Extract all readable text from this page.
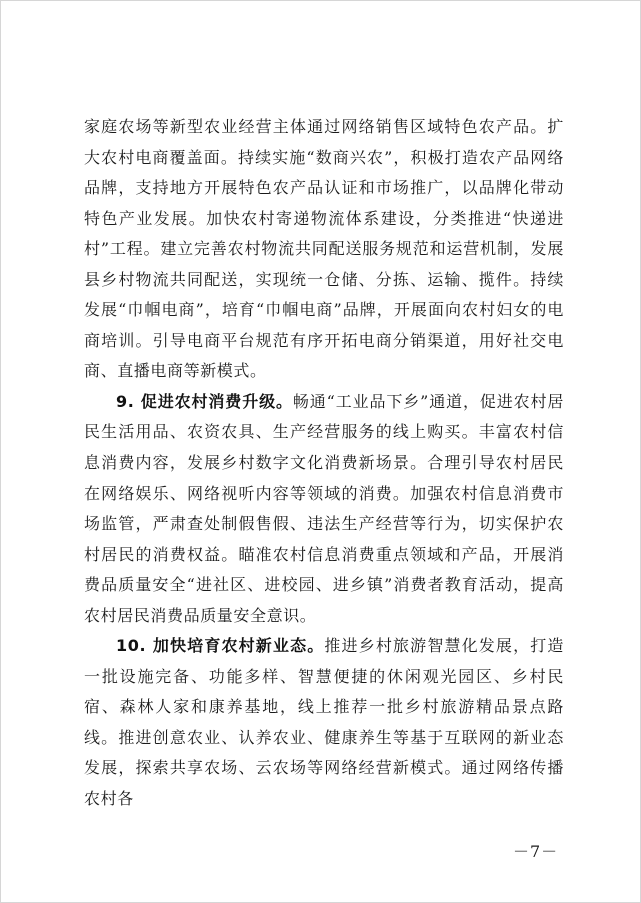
家庭农场等新型农业经营主体通过网络销售区域特色农产品。扩大农村电商覆盖面。持续实施“数商兴农”，积极打造农产品网络品牌，支持地方开展特色农产品认证和市场推广，以品牌化带动特色产业发展。加快农村寄递物流体系建设，分类推进“快递进村”工程。建立完善农村物流共同配送服务规范和运营机制，发展县乡村物流共同配送，实现统一仓储、分拣、运输、揽件。持续发展“巾帼电商”，培育“巾帼电商”品牌，开展面向农村妇女的电商培训。引导电商平台规范有序开拓电商分销渠道，用好社交电商、直播电商等新模式。

9. 促进农村消费升级。畅通“工业品下乡”通道，促进农村居民生活用品、农资农具、生产经营服务的线上购买。丰富农村信息消费内容，发展乡村数字文化消费新场景。合理引导农村居民在网络娱乐、网络视听内容等领域的消费。加强农村信息消费市场监管，严肃查处制假售假、违法生产经营等行为，切实保护农村居民的消费权益。瞄准农村信息消费重点领域和产品，开展消费品质量安全“进社区、进校园、进乡镇”消费者教育活动，提高农村居民消费品质量安全意识。

10. 加快培育农村新业态。推进乡村旅游智慧化发展，打造一批设施完备、功能多样、智慧便捷的休闲观光园区、乡村民宿、森林人家和康养基地，线上推荐一批乡村旅游精品景点路线。推进创意农业、认养农业、健康养生等基于互联网的新业态发展，探索共享农场、云农场等网络经营新模式。通过网络传播农村各

－7－
